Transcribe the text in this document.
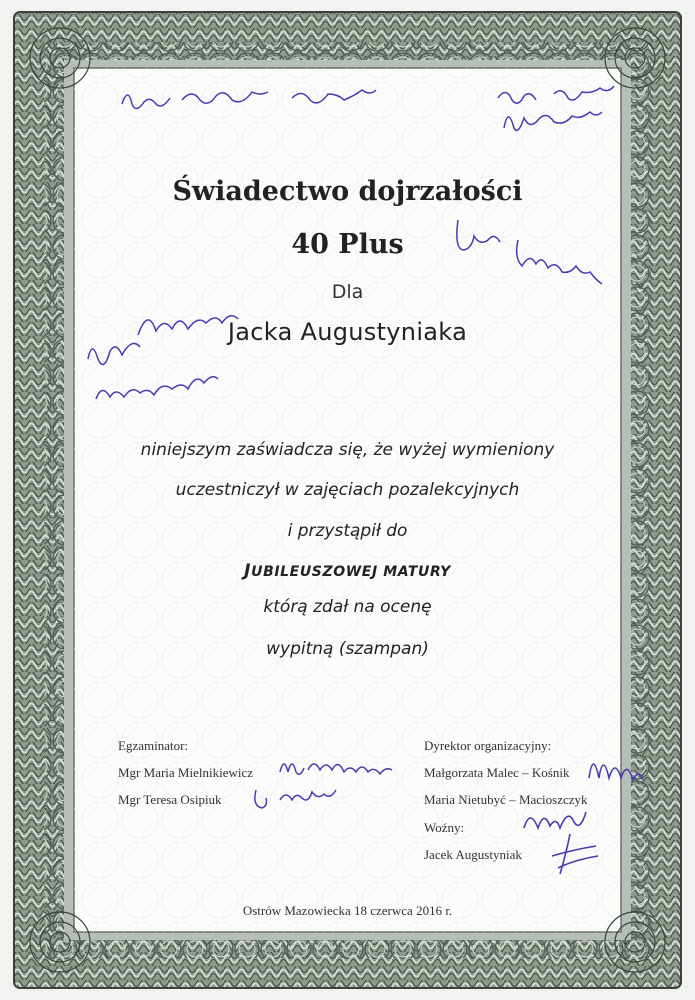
Świadectwo dojrzałości
40 Plus
Dla
Jacka Augustyniaka
niniejszym zaświadcza się, że wyżej wymieniony
uczestniczył w zajęciach pozalekcyjnych
i przystąpił do
JUBILEUSZOWEJ MATURY
którą zdał na ocenę
wypitną (szampan)
Egzaminator:
Mgr Maria Mielnikiewicz
Mgr Teresa Osipiuk
Dyrektor organizacyjny:
Małgorzata Malec – Kośnik
Maria Nietubyć – Macioszczyk
Woźny:
Jacek Augustyniak
Ostrów Mazowiecka 18 czerwca 2016 r.
